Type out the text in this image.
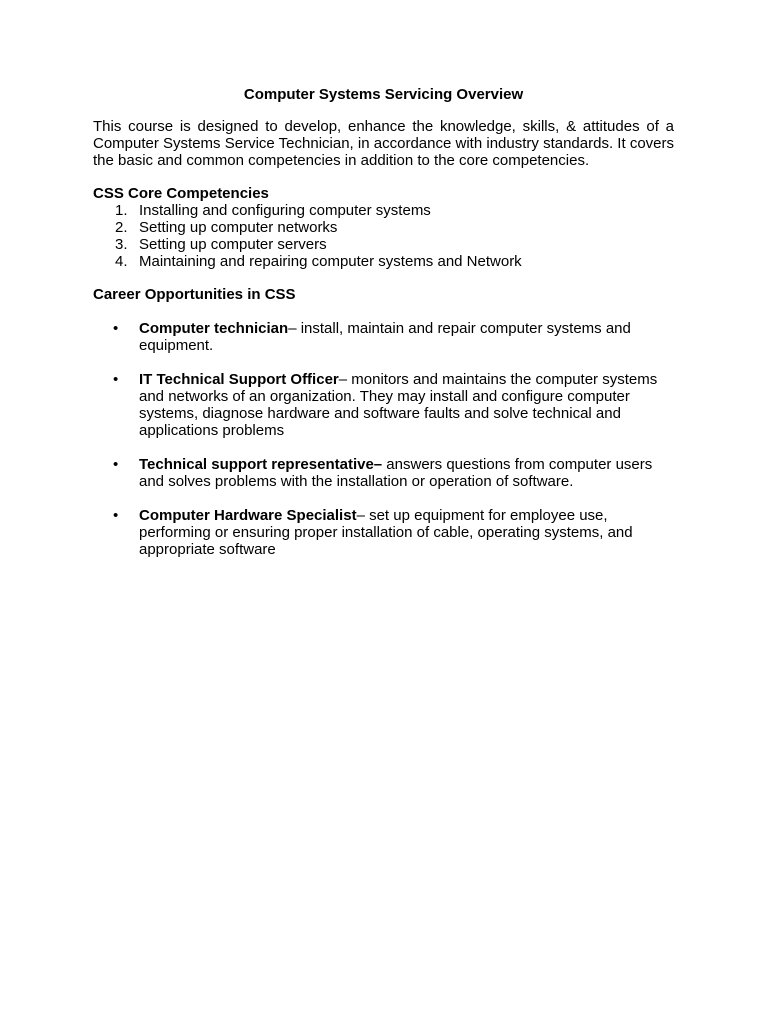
Computer Systems Servicing Overview

This course is designed to develop, enhance the knowledge, skills, & attitudes of a Computer Systems Service Technician, in accordance with industry standards. It covers the basic and common competencies in addition to the core competencies.

CSS Core Competencies

1. Installing and configuring computer systems
2. Setting up computer networks
3. Setting up computer servers
4. Maintaining and repairing computer systems and Network

Career Opportunities in CSS

•	Computer technician– install, maintain and repair computer systems and equipment.
•	IT Technical Support Officer– monitors and maintains the computer systems and networks of an organization. They may install and configure computer systems, diagnose hardware and software faults and solve technical and applications problems
•	Technical support representative– answers questions from computer users and solves problems with the installation or operation of software.
•	Computer Hardware Specialist– set up equipment for employee use, performing or ensuring proper installation of cable, operating systems, and appropriate software
